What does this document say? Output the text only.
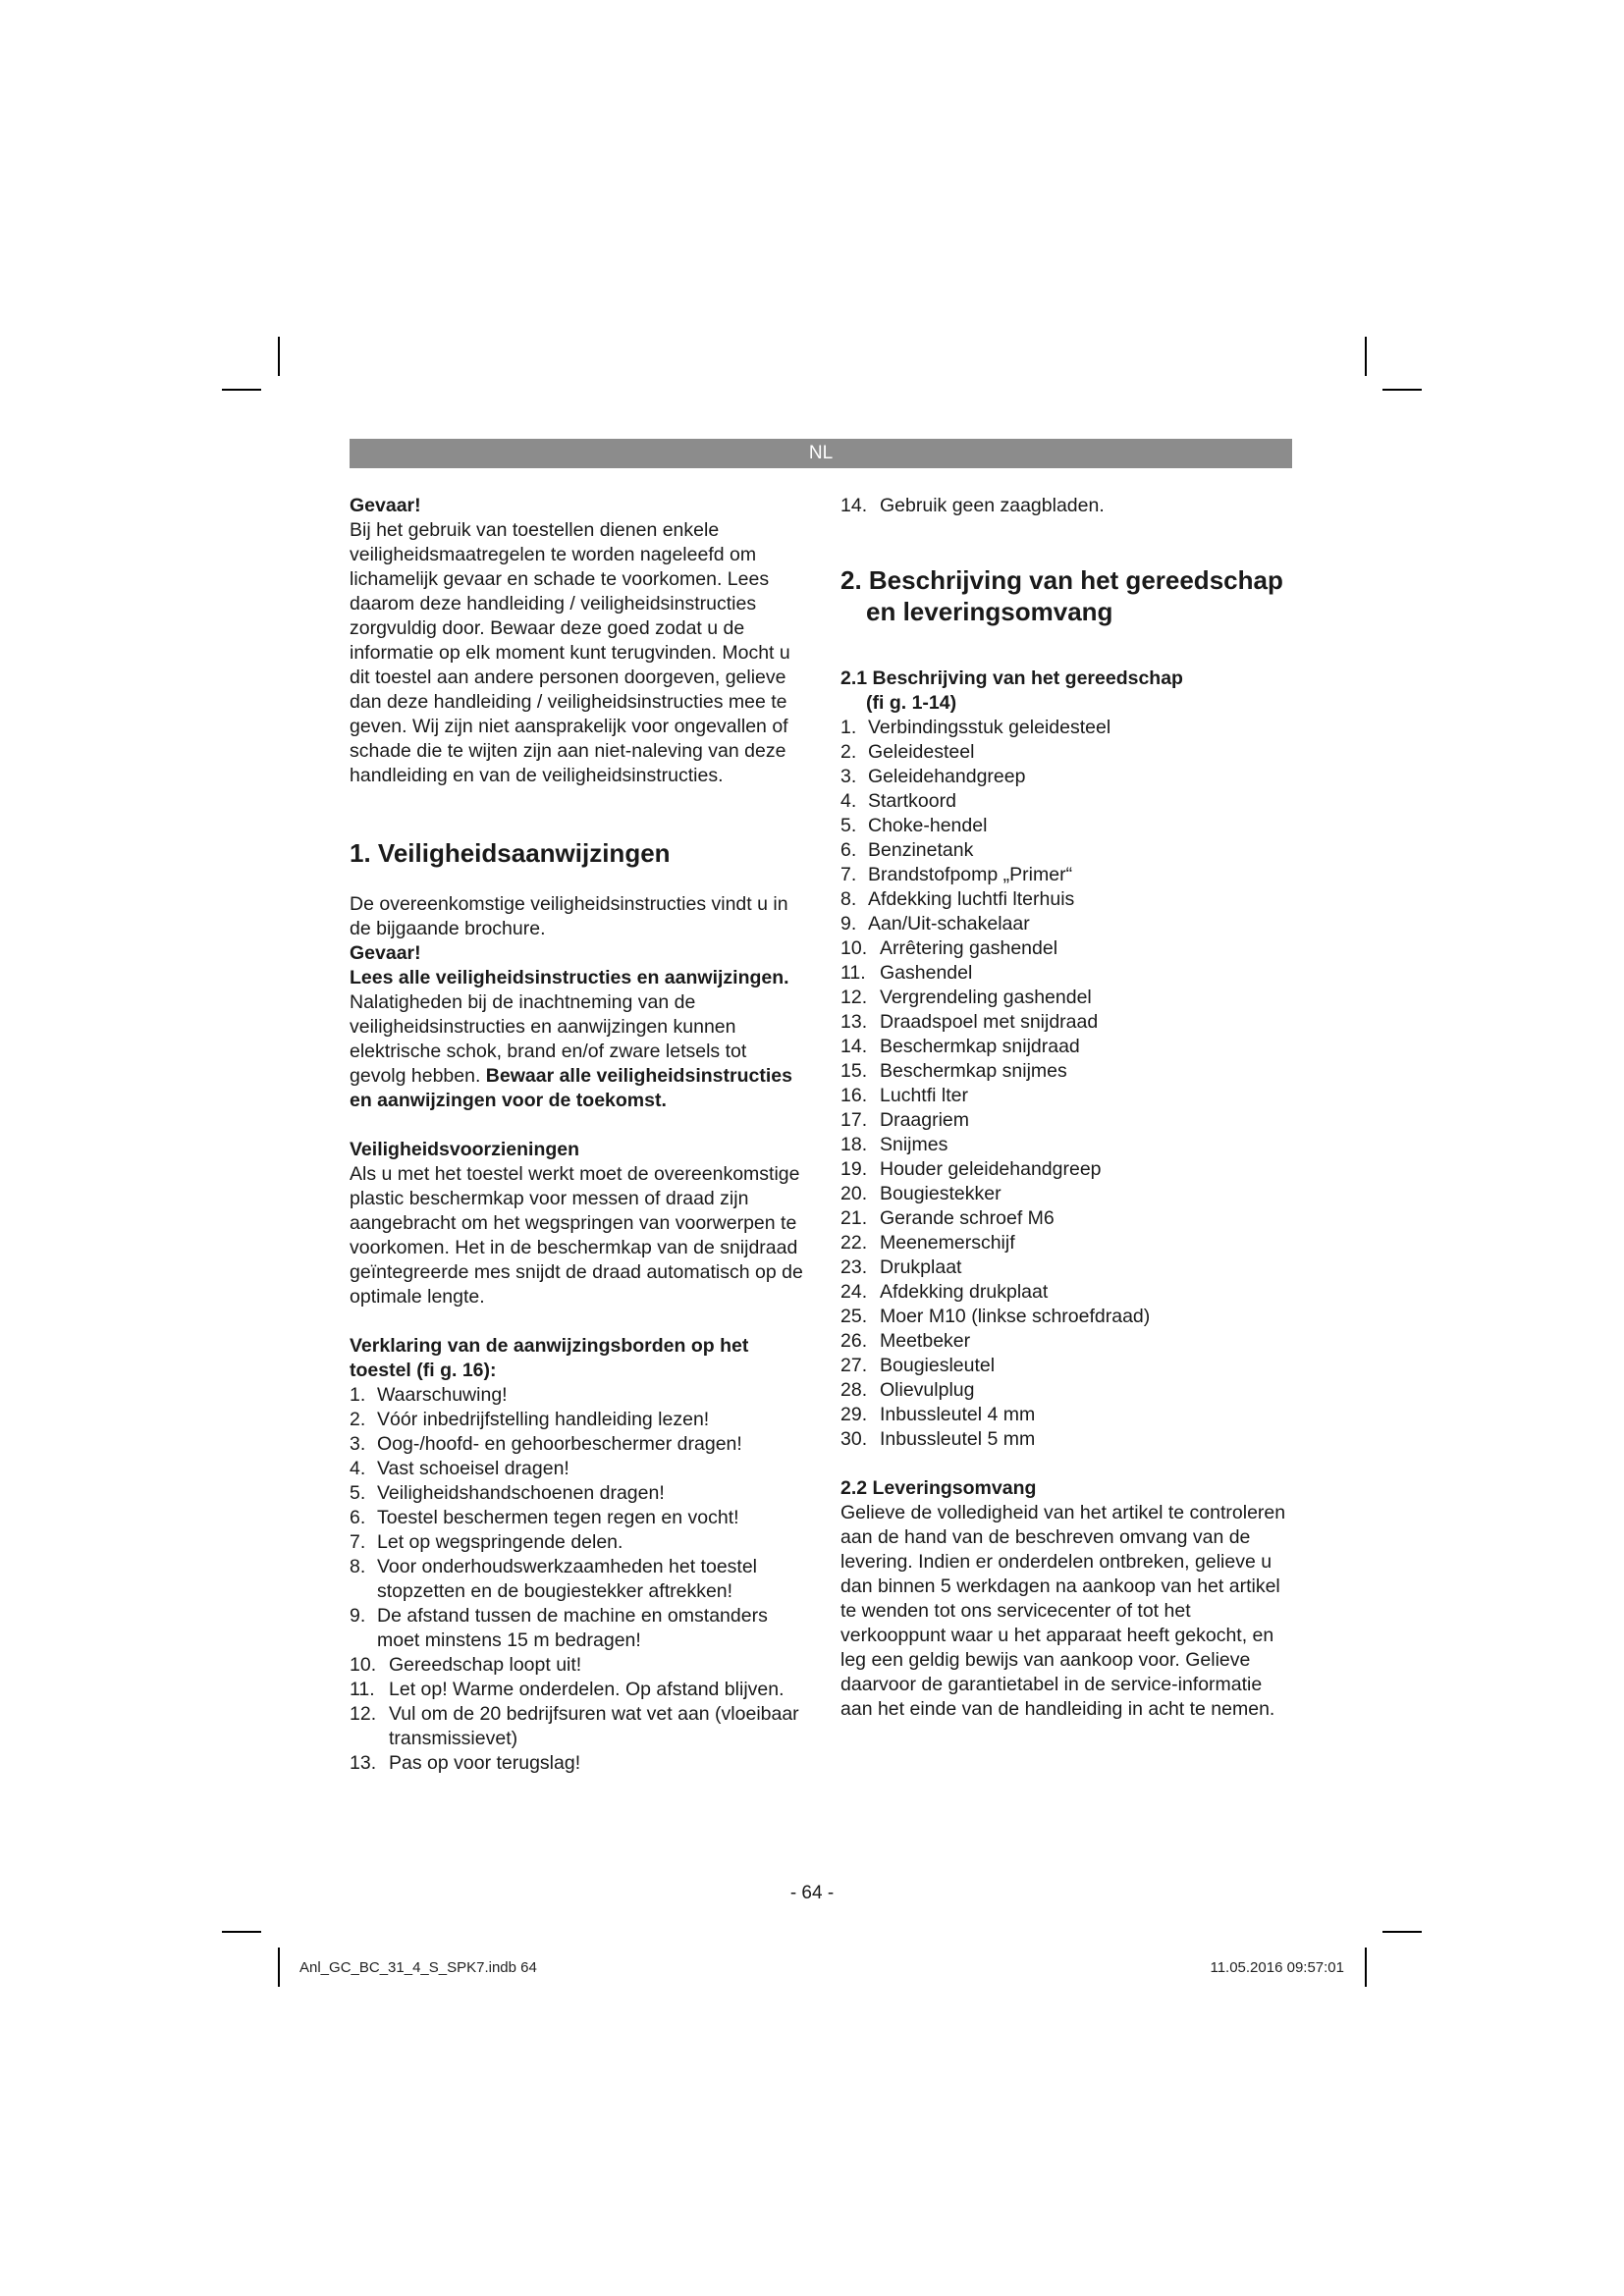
NL

Gevaar!

Bij het gebruik van toestellen dienen enkele veiligheidsmaatregelen te worden nageleefd om lichamelijk gevaar en schade te voorkomen. Lees daarom deze handleiding / veiligheidsinstructies zorgvuldig door. Bewaar deze goed zodat u de informatie op elk moment kunt terugvinden. Mocht u dit toestel aan andere personen doorgeven, gelieve dan deze handleiding / veiligheidsinstructies mee te geven. Wij zijn niet aansprakelijk voor ongevallen of schade die te wijten zijn aan niet-naleving van deze handleiding en van de veiligheidsinstructies.

1. Veiligheidsaanwijzingen

De overeenkomstige veiligheidsinstructies vindt u in de bijgaande brochure.

Gevaar!

Lees alle veiligheidsinstructies en aanwijzingen. Nalatigheden bij de inachtneming van de veiligheidsinstructies en aanwijzingen kunnen elektrische schok, brand en/of zware letsels tot gevolg hebben. Bewaar alle veiligheidsinstructies en aanwijzingen voor de toekomst.

Veiligheidsvoorzieningen

Als u met het toestel werkt moet de overeenkomstige plastic beschermkap voor messen of draad zijn aangebracht om het wegspringen van voorwerpen te voorkomen. Het in de beschermkap van de snijdraad geïntegreerde mes snijdt de draad automatisch op de optimale lengte.

Verklaring van de aanwijzingsborden op het toestel (fi g. 16):

1. Waarschuwing!
2. Vóór inbedrijfstelling handleiding lezen!
3. Oog-/hoofd- en gehoorbeschermer dragen!
4. Vast schoeisel dragen!
5. Veiligheidshandschoenen dragen!
6. Toestel beschermen tegen regen en vocht!
7. Let op wegspringende delen.
8. Voor onderhoudswerkzaamheden het toestel stopzetten en de bougiestekker aftrekken!
9. De afstand tussen de machine en omstanders moet minstens 15 m bedragen!
10. Gereedschap loopt uit!
11. Let op! Warme onderdelen. Op afstand blijven.
12. Vul om de 20 bedrijfsuren wat vet aan (vloeibaar transmissievet)
13. Pas op voor terugslag!
14. Gebruik geen zaagbladen.
2. Beschrijving van het gereedschap
en leveringsomvang

2.1 Beschrijving van het gereedschap
(fi g. 1-14)

1. Verbindingsstuk geleidesteel
2. Geleidesteel
3. Geleidehandgreep
4. Startkoord
5. Choke-hendel
6. Benzinetank
7. Brandstofpomp „Primer“
8. Afdekking luchtfi lterhuis
9. Aan/Uit-schakelaar
10. Arrêtering gashendel
11. Gashendel
12. Vergrendeling gashendel
13. Draadspoel met snijdraad
14. Beschermkap snijdraad
15. Beschermkap snijmes
16. Luchtfi lter
17. Draagriem
18. Snijmes
19. Houder geleidehandgreep
20. Bougiestekker
21. Gerande schroef M6
22. Meenemerschijf
23. Drukplaat
24. Afdekking drukplaat
25. Moer M10 (linkse schroefdraad)
26. Meetbeker
27. Bougiesleutel
28. Olievulplug
29. Inbussleutel 4 mm
30. Inbussleutel 5 mm

2.2 Leveringsomvang

Gelieve de volledigheid van het artikel te controleren aan de hand van de beschreven omvang van de levering. Indien er onderdelen ontbreken, gelieve u dan binnen 5 werkdagen na aankoop van het artikel te wenden tot ons servicecenter of tot het verkooppunt waar u het apparaat heeft gekocht, en leg een geldig bewijs van aankoop voor. Gelieve daarvoor de garantietabel in de service-informatie aan het einde van de handleiding in acht te nemen.

- 64 -
Anl_GC_BC_31_4_S_SPK7.indb 64	11.05.2016 09:57:01
